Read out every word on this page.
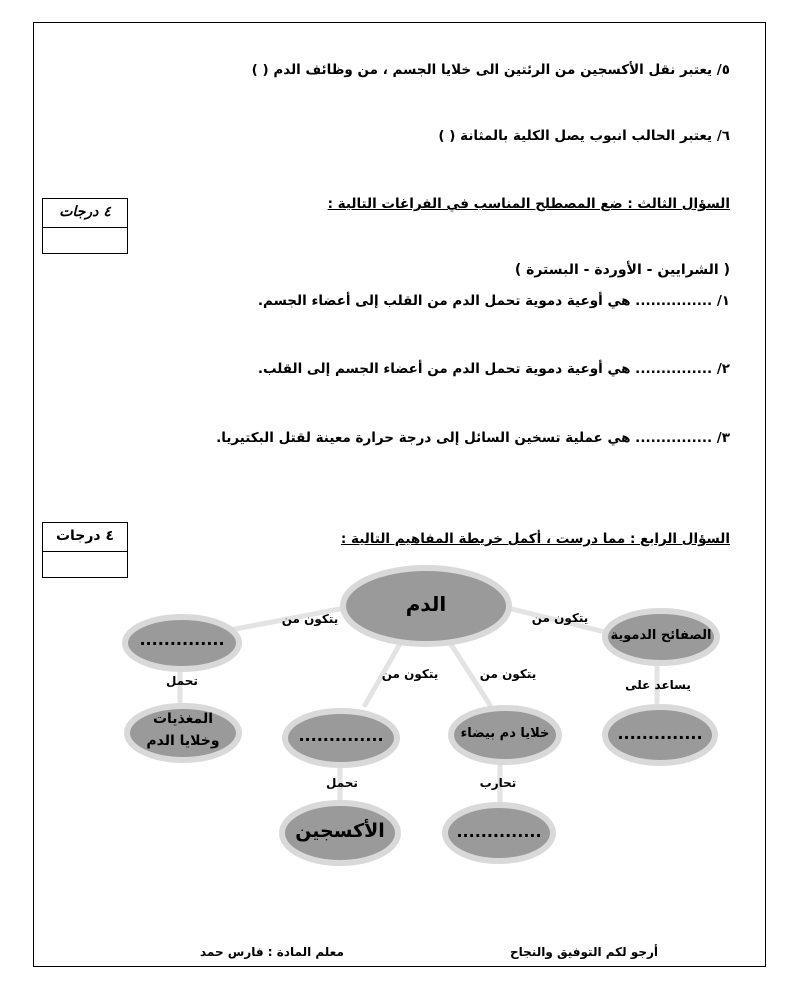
٥/ يعتبر نقل الأكسجين من الرئتين الى خلايا الجسم ، من وظائف الدم ( )
٦/ يعتبر الحالب انبوب يصل الكلية بالمثانة ( )
السؤال الثالث : ضع المصطلح المناسب في الفراغات التالية :
٤ درجات
( الشرايين - الأوردة - البسترة )
١/ ............... هي أوعية دموية تحمل الدم من القلب إلى أعضاء الجسم.
٢/ ............... هي أوعية دموية تحمل الدم من أعضاء الجسم إلى القلب.
٣/ ............... هي عملية تسخين السائل إلى درجة حرارة معينة لقتل البكتيريا.
السؤال الرابع : مما درست ، أكمل خريطة المفاهيم التالية :
٤ درجات
الدم
..............	الصفائح الدموية
المغذيات
وخلايا الدم	..............	خلايا دم بيضاء	..............
الأكسجين	..............
يتكون من	يتكون من
يتكون من	يتكون من
تحمل	يساعد على
تحمل	تحارب
أرجو لكم التوفيق والنجاح
معلم المادة : فارس حمد
